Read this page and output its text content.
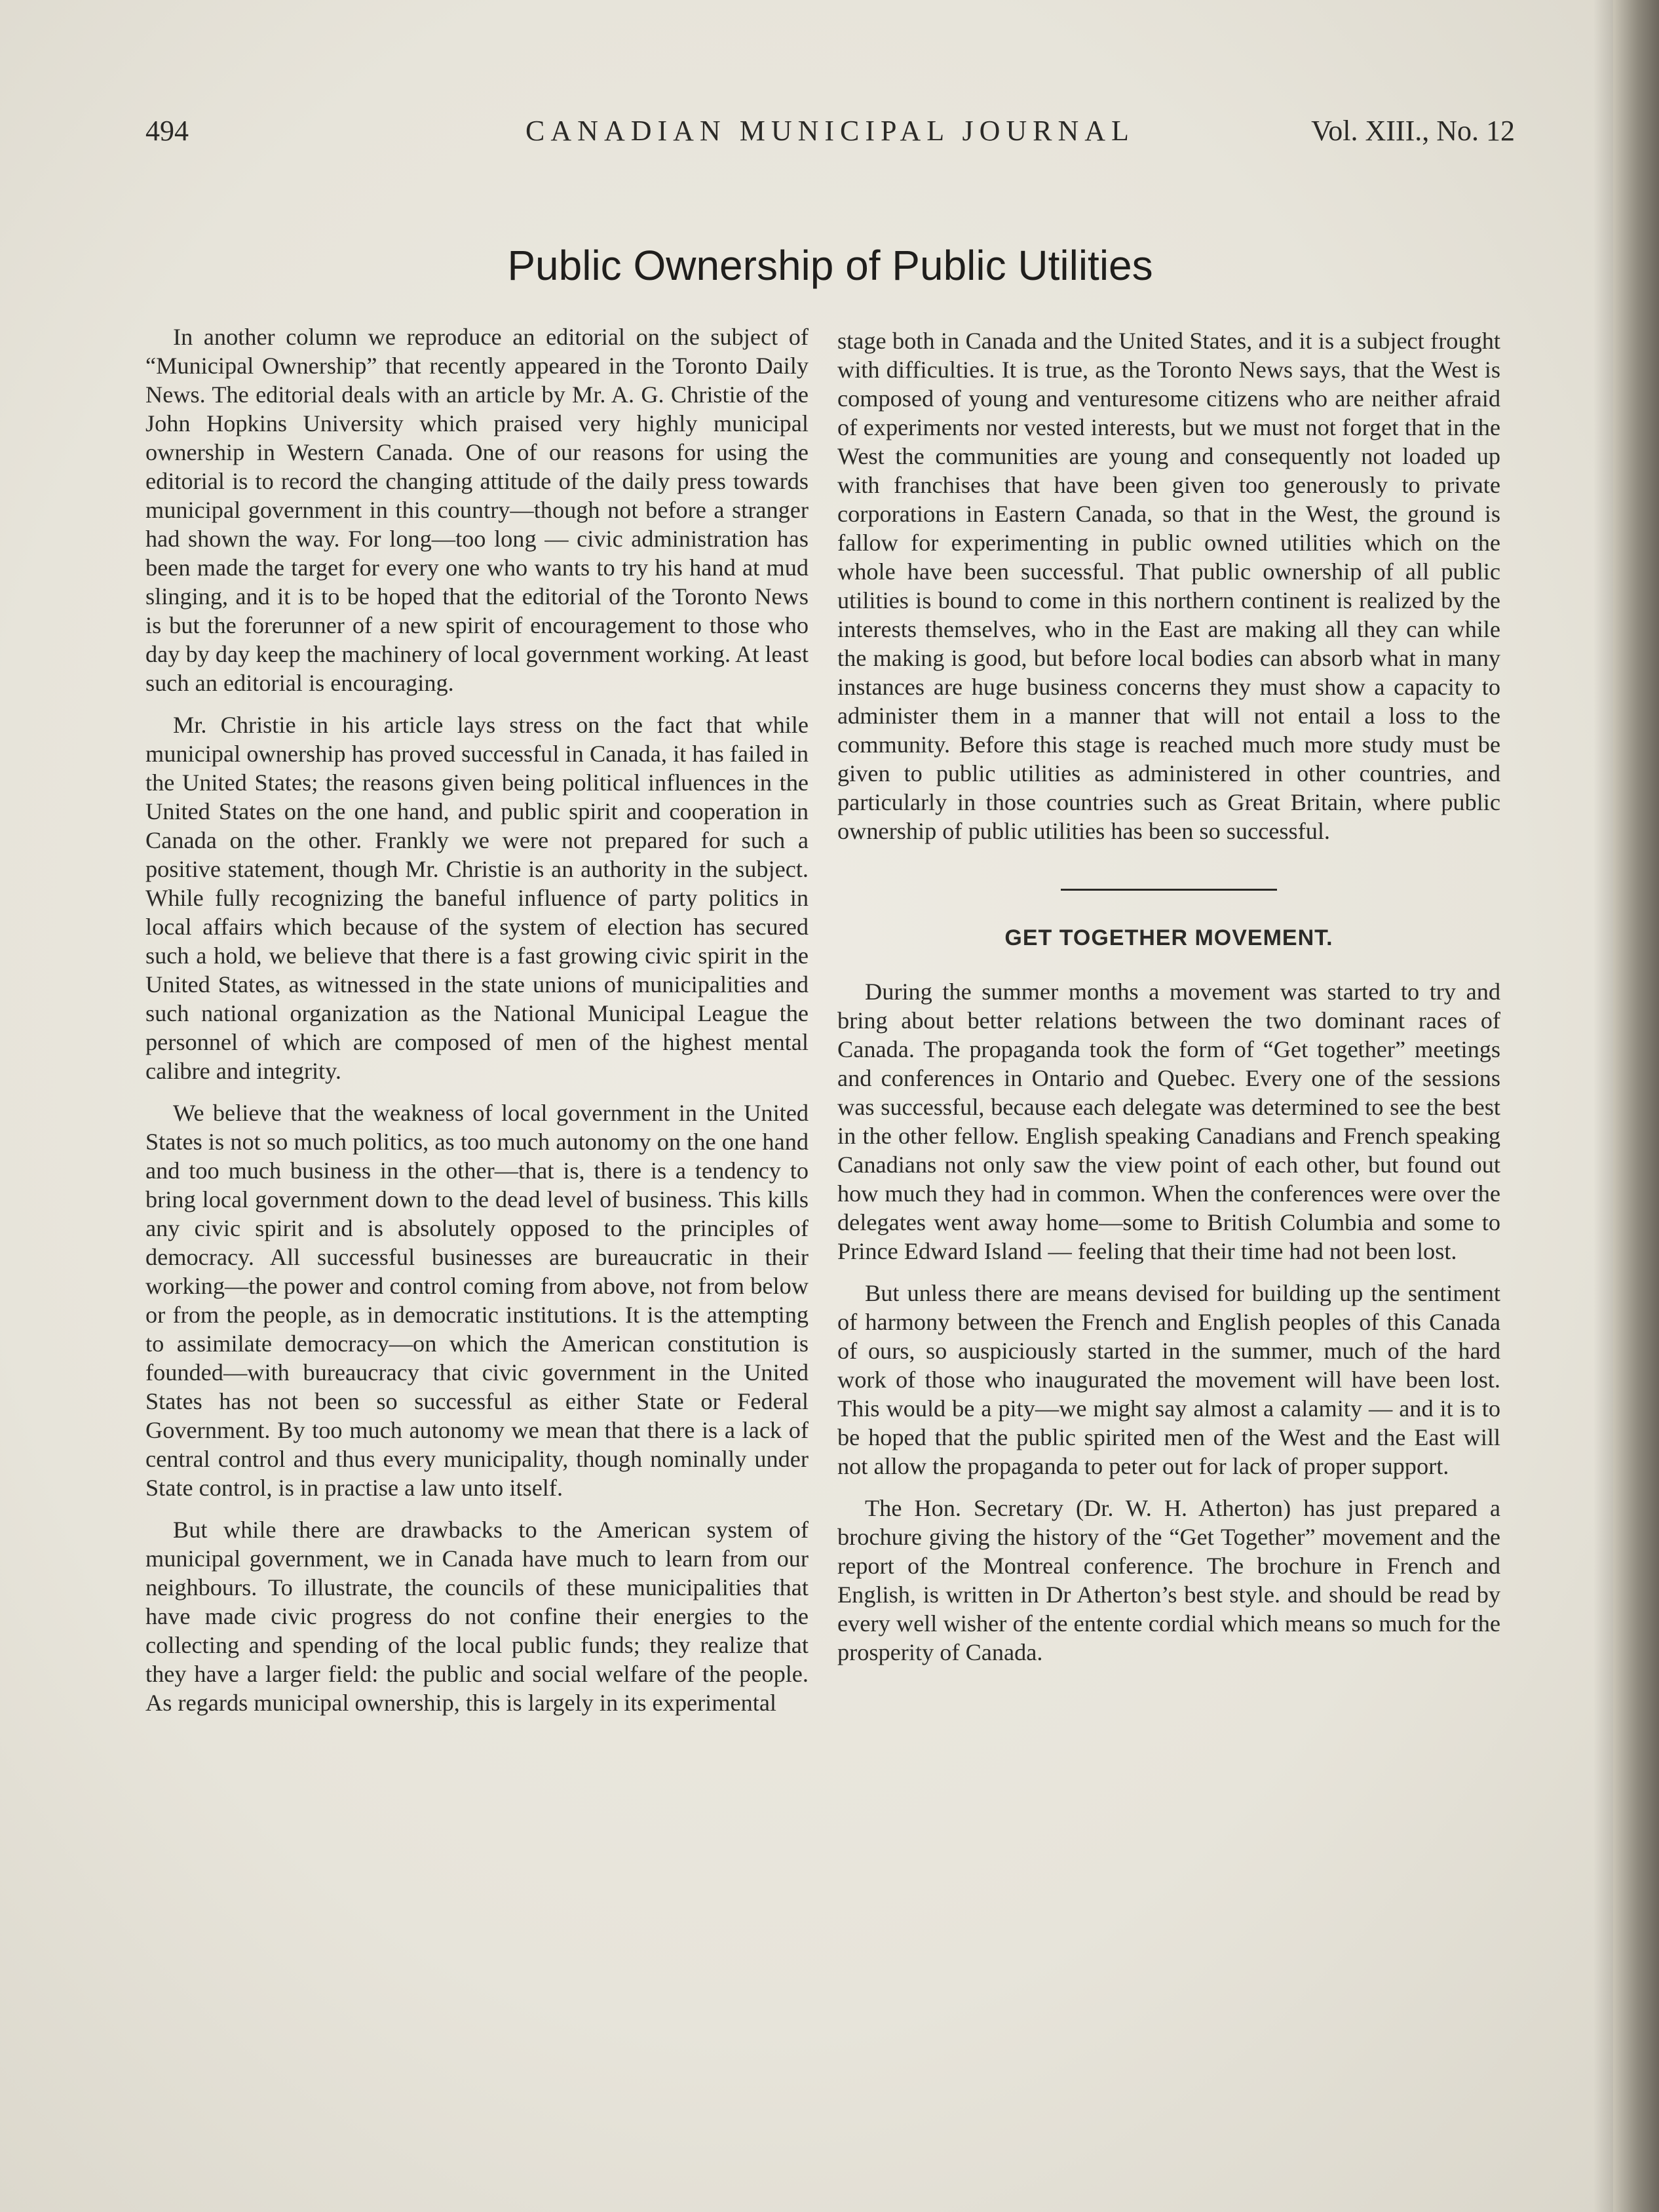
494	CANADIAN MUNICIPAL JOURNAL	Vol. XIII., No. 12
Public Ownership of Public Utilities

In another column we reproduce an editorial on the subject of “Municipal Ownership” that recently appeared in the Toronto Daily News. The editorial deals with an article by Mr. A. G. Christie of the John Hopkins University which praised very highly municipal ownership in Western Canada. One of our reasons for using the editorial is to record the changing attitude of the daily press towards municipal government in this country—though not before a stranger had shown the way. For long—too long — civic administration has been made the target for every one who wants to try his hand at mud slinging, and it is to be hoped that the editorial of the Toronto News is but the forerunner of a new spirit of encouragement to those who day by day keep the machinery of local government working. At least such an editorial is encouraging.

Mr. Christie in his article lays stress on the fact that while municipal ownership has proved successful in Canada, it has failed in the United States; the reasons given being political influences in the United States on the one hand, and public spirit and cooperation in Canada on the other. Frankly we were not prepared for such a positive statement, though Mr. Christie is an authority in the subject. While fully recognizing the baneful influence of party politics in local affairs which because of the system of election has secured such a hold, we believe that there is a fast growing civic spirit in the United States, as witnessed in the state unions of municipalities and such national organization as the National Municipal League the personnel of which are composed of men of the highest mental calibre and integrity.

We believe that the weakness of local government in the United States is not so much politics, as too much autonomy on the one hand and too much business in the other—that is, there is a tendency to bring local government down to the dead level of business. This kills any civic spirit and is absolutely opposed to the principles of democracy. All successful businesses are bureaucratic in their working—the power and control coming from above, not from below or from the people, as in democratic institutions. It is the attempting to assimilate democracy—on which the American constitution is founded—with bureaucracy that civic government in the United States has not been so successful as either State or Federal Government. By too much autonomy we mean that there is a lack of central control and thus every municipality, though nominally under State control, is in practise a law unto itself.

But while there are drawbacks to the American system of municipal government, we in Canada have much to learn from our neighbours. To illustrate, the councils of these municipalities that have made civic progress do not confine their energies to the collecting and spending of the local public funds; they realize that they have a larger field: the public and social welfare of the people. As regards municipal ownership, this is largely in its experimental

stage both in Canada and the United States, and it is a subject frought with difficulties. It is true, as the Toronto News says, that the West is composed of young and venturesome citizens who are neither afraid of experiments nor vested interests, but we must not forget that in the West the communities are young and consequently not loaded up with franchises that have been given too generously to private corporations in Eastern Canada, so that in the West, the ground is fallow for experimenting in public owned utilities which on the whole have been successful. That public ownership of all public utilities is bound to come in this northern continent is realized by the interests themselves, who in the East are making all they can while the making is good, but before local bodies can absorb what in many instances are huge business concerns they must show a capacity to administer them in a manner that will not entail a loss to the community. Before this stage is reached much more study must be given to public utilities as administered in other countries, and particularly in those countries such as Great Britain, where public ownership of public utilities has been so successful.

GET TOGETHER MOVEMENT.

During the summer months a movement was started to try and bring about better relations between the two dominant races of Canada. The propaganda took the form of “Get together” meetings and conferences in Ontario and Quebec. Every one of the sessions was successful, because each delegate was determined to see the best in the other fellow. English speaking Canadians and French speaking Canadians not only saw the view point of each other, but found out how much they had in common. When the conferences were over the delegates went away home—some to British Columbia and some to Prince Edward Island — feeling that their time had not been lost.

But unless there are means devised for building up the sentiment of harmony between the French and English peoples of this Canada of ours, so auspiciously started in the summer, much of the hard work of those who inaugurated the movement will have been lost. This would be a pity—we might say almost a calamity — and it is to be hoped that the public spirited men of the West and the East will not allow the propaganda to peter out for lack of proper support.

The Hon. Secretary (Dr. W. H. Atherton) has just prepared a brochure giving the history of the “Get Together” movement and the report of the Montreal conference. The brochure in French and English, is written in Dr Atherton’s best style. and should be read by every well wisher of the entente cordial which means so much for the prosperity of Canada.
